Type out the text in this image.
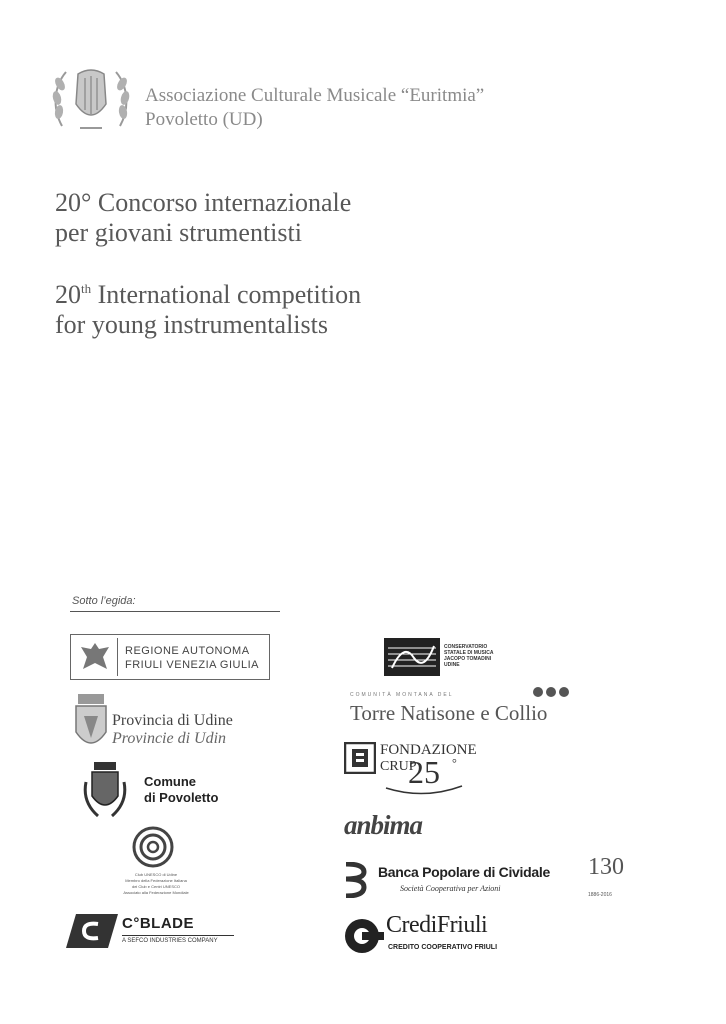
Associazione Culturale Musicale “Euritmia”
Povoletto (UD)
20° Concorso internazionale
per giovani strumentisti
20th International competition
for young instrumentalists
Sotto l’egida:
REGIONE AUTONOMA
FRIULI VENEZIA GIULIA
Provincia di Udine
Provincie di Udin
Comune
di Povoletto
Club UNESCO di Udine
Membro della Federazione Italiana
dei Club e Centri UNESCO
Associato alla Federazione Mondiale
C°BLADE
A SEFCO INDUSTRIES COMPANY
CONSERVATORIO
STATALE DI MUSICA
JACOPO TOMADINI
UDINE
COMUNITÀ MONTANA DEL
Torre Natisone e Collio
FONDAZIONE
CRUP
25 °
anbima
Banca Popolare di Cividale
Società Cooperativa per Azioni
130
1886-2016
CrediFriuli
CREDITO COOPERATIVO FRIULI
